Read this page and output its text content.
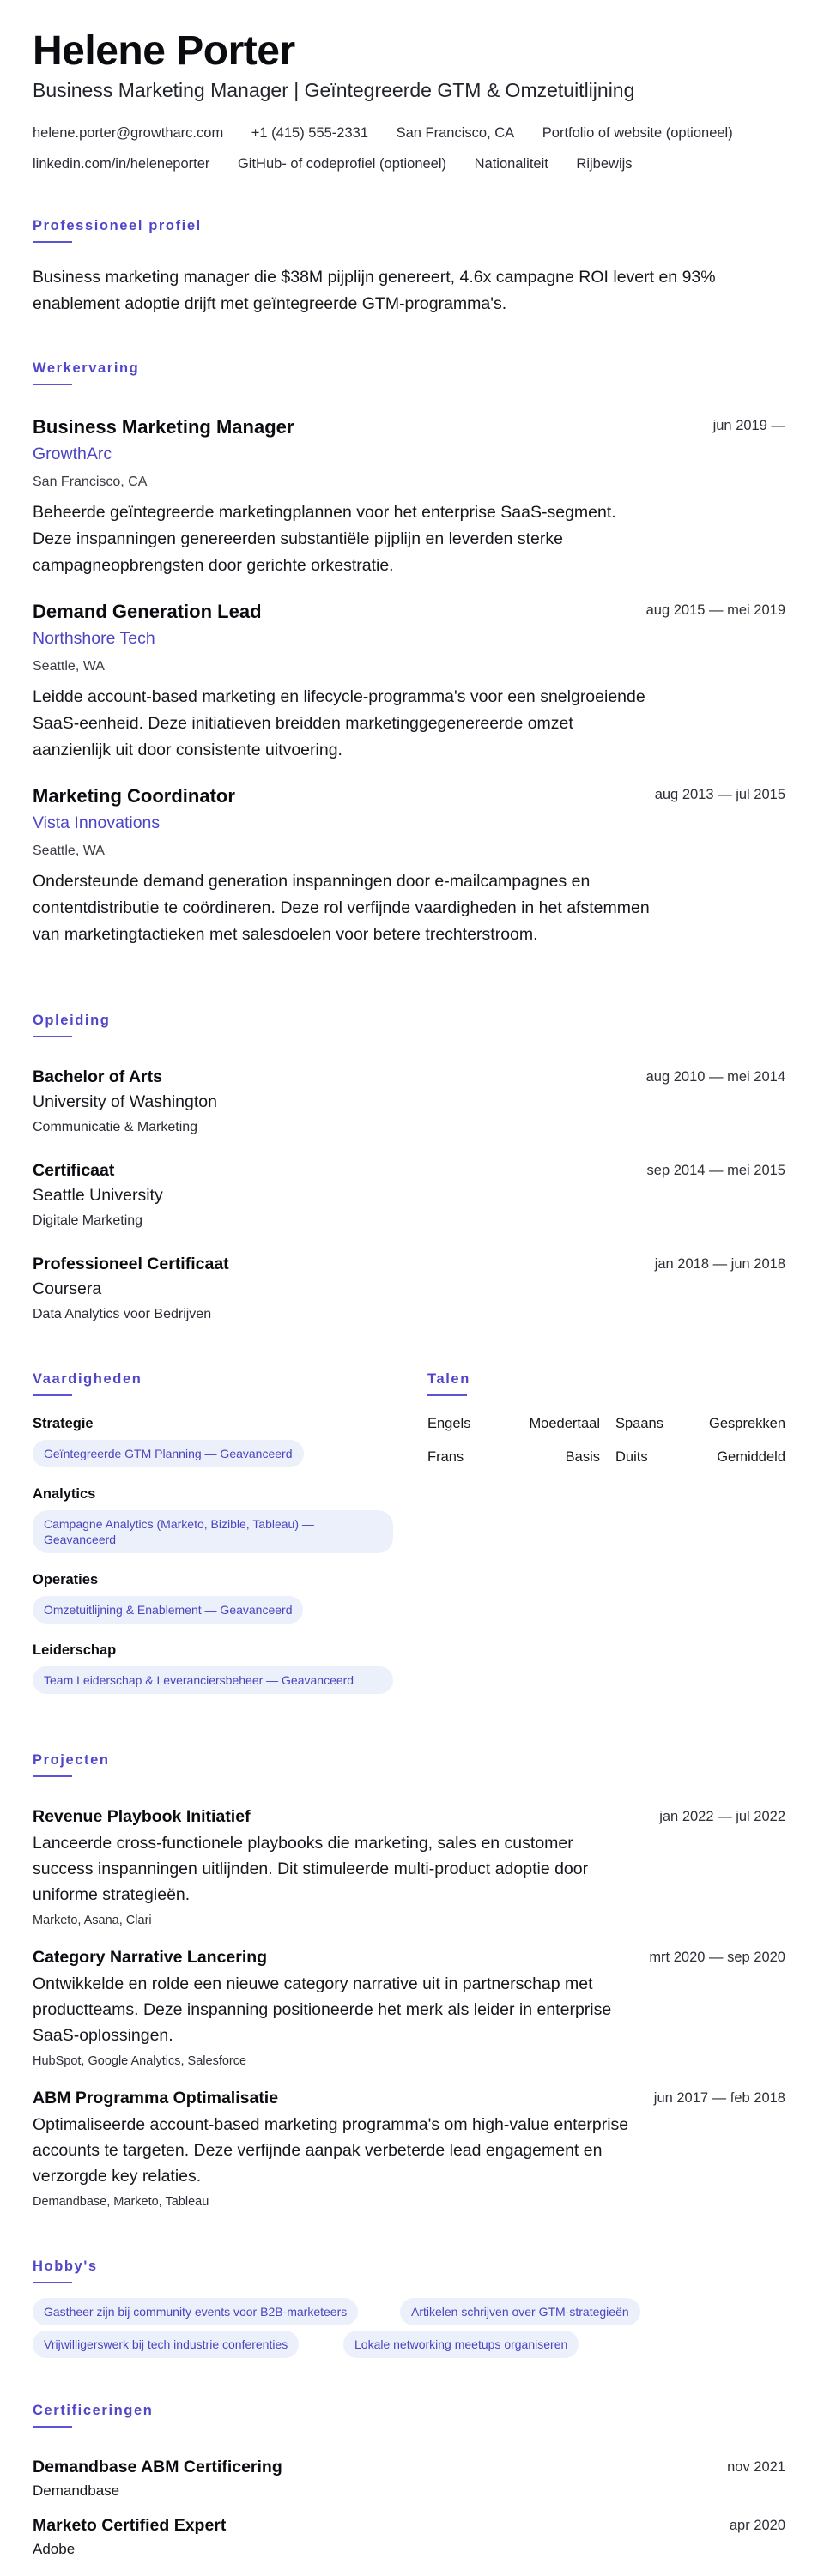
Helene Porter
Business Marketing Manager | Geïntegreerde GTM & Omzetuitlijning
helene.porter@growtharc.com +1 (415) 555-2331 San Francisco, CA Portfolio of website (optioneel)
linkedin.com/in/heleneporter GitHub- of codeprofiel (optioneel) Nationaliteit Rijbewijs
Professioneel profiel
Business marketing manager die $38M pijplijn genereert, 4.6x campagne ROI levert en 93% enablement adoptie drijft met geïntegreerde GTM-programma's.
Werkervaring
Business Marketing Manager	jun 2019 —
GrowthArc
San Francisco, CA
Beheerde geïntegreerde marketingplannen voor het enterprise SaaS-segment. Deze inspanningen genereerden substantiële pijplijn en leverden sterke campagneopbrengsten door gerichte orkestratie.
Demand Generation Lead	aug 2015 — mei 2019
Northshore Tech
Seattle, WA
Leidde account-based marketing en lifecycle-programma's voor een snelgroeiende SaaS-eenheid. Deze initiatieven breidden marketinggegenereerde omzet aanzienlijk uit door consistente uitvoering.
Marketing Coordinator	aug 2013 — jul 2015
Vista Innovations
Seattle, WA
Ondersteunde demand generation inspanningen door e-mailcampagnes en contentdistributie te coördineren. Deze rol verfijnde vaardigheden in het afstemmen van marketingtactieken met salesdoelen voor betere trechterstroom.
Opleiding
Bachelor of Arts	aug 2010 — mei 2014
University of Washington
Communicatie & Marketing
Certificaat	sep 2014 — mei 2015
Seattle University
Digitale Marketing
Professioneel Certificaat	jan 2018 — jun 2018
Coursera
Data Analytics voor Bedrijven
Vaardigheden
Strategie
Geïntegreerde GTM Planning — Geavanceerd
Analytics
Campagne Analytics (Marketo, Bizible, Tableau) — Geavanceerd
Operaties
Omzetuitlijning & Enablement — Geavanceerd
Leiderschap
Team Leiderschap & Leveranciersbeheer — Geavanceerd
Talen
Engels	Moedertaal Spaans	Gesprekken
Frans	Basis Duits	Gemiddeld
Projecten
Revenue Playbook Initiatief	jan 2022 — jul 2022
Lanceerde cross-functionele playbooks die marketing, sales en customer success inspanningen uitlijnden. Dit stimuleerde multi-product adoptie door uniforme strategieën.
Marketo, Asana, Clari
Category Narrative Lancering	mrt 2020 — sep 2020
Ontwikkelde en rolde een nieuwe category narrative uit in partnerschap met productteams. Deze inspanning positioneerde het merk als leider in enterprise SaaS-oplossingen.
HubSpot, Google Analytics, Salesforce
ABM Programma Optimalisatie	jun 2017 — feb 2018
Optimaliseerde account-based marketing programma's om high-value enterprise accounts te targeten. Deze verfijnde aanpak verbeterde lead engagement en verzorgde key relaties.
Demandbase, Marketo, Tableau
Hobby's
Gastheer zijn bij community events voor B2B-marketeers	Artikelen schrijven over GTM-strategieën
Vrijwilligerswerk bij tech industrie conferenties	Lokale networking meetups organiseren
Certificeringen
Demandbase ABM Certificering	nov 2021
Demandbase
Marketo Certified Expert	apr 2020
Adobe
